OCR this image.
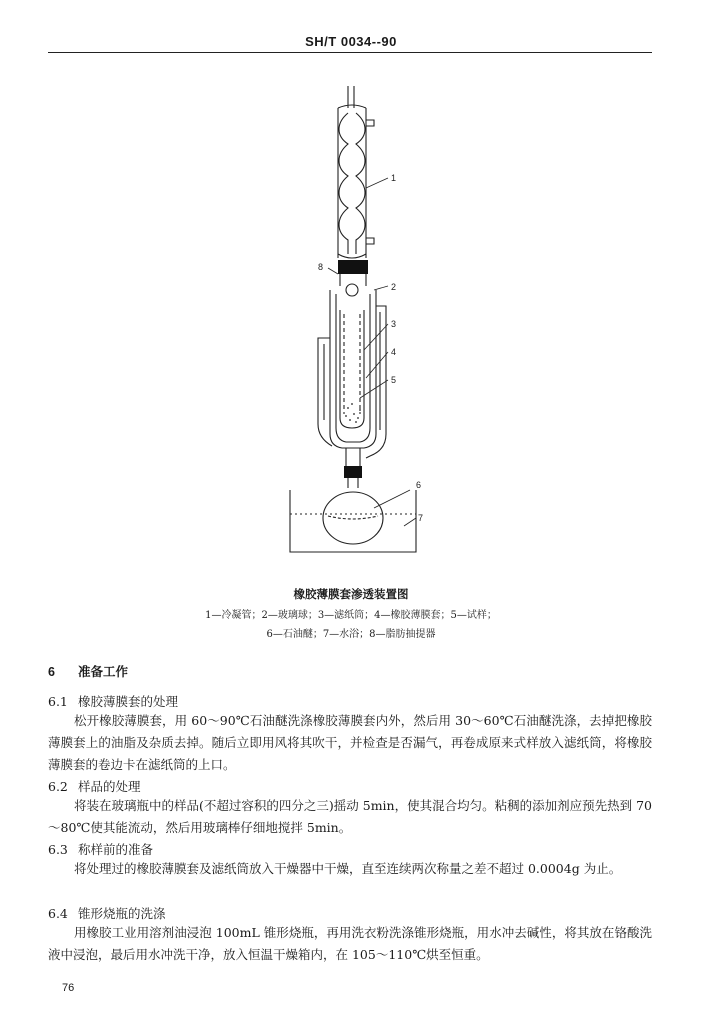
SH/T 0034--90
1
2
3
4
5
6
7
8
橡胶薄膜套渗透装置图
1—冷凝管；2—玻璃球；3—滤纸筒；4—橡胶薄膜套；5—试样；
6—石油醚；7—水浴；8—脂肪抽提器
6 准备工作
6.1 橡胶薄膜套的处理
松开橡胶薄膜套，用 60～90℃石油醚洗涤橡胶薄膜套内外，然后用 30～60℃石油醚洗涤，去掉把橡胶薄膜套上的油脂及杂质去掉。随后立即用风将其吹干，并检查是否漏气，再卷成原来式样放入滤纸筒，将橡胶薄膜套的卷边卡在滤纸筒的上口。
6.2 样品的处理
将装在玻璃瓶中的样品(不超过容积的四分之三)摇动 5min，使其混合均匀。粘稠的添加剂应预先热到 70～80℃使其能流动，然后用玻璃棒仔细地搅拌 5min。
6.3 称样前的准备
将处理过的橡胶薄膜套及滤纸筒放入干燥器中干燥，直至连续两次称量之差不超过 0.0004g 为止。
6.4 锥形烧瓶的洗涤
用橡胶工业用溶剂油浸泡 100mL 锥形烧瓶，再用洗衣粉洗涤锥形烧瓶，用水冲去碱性，将其放在铬酸洗液中浸泡，最后用水冲洗干净，放入恒温干燥箱内，在 105～110℃烘至恒重。
76
